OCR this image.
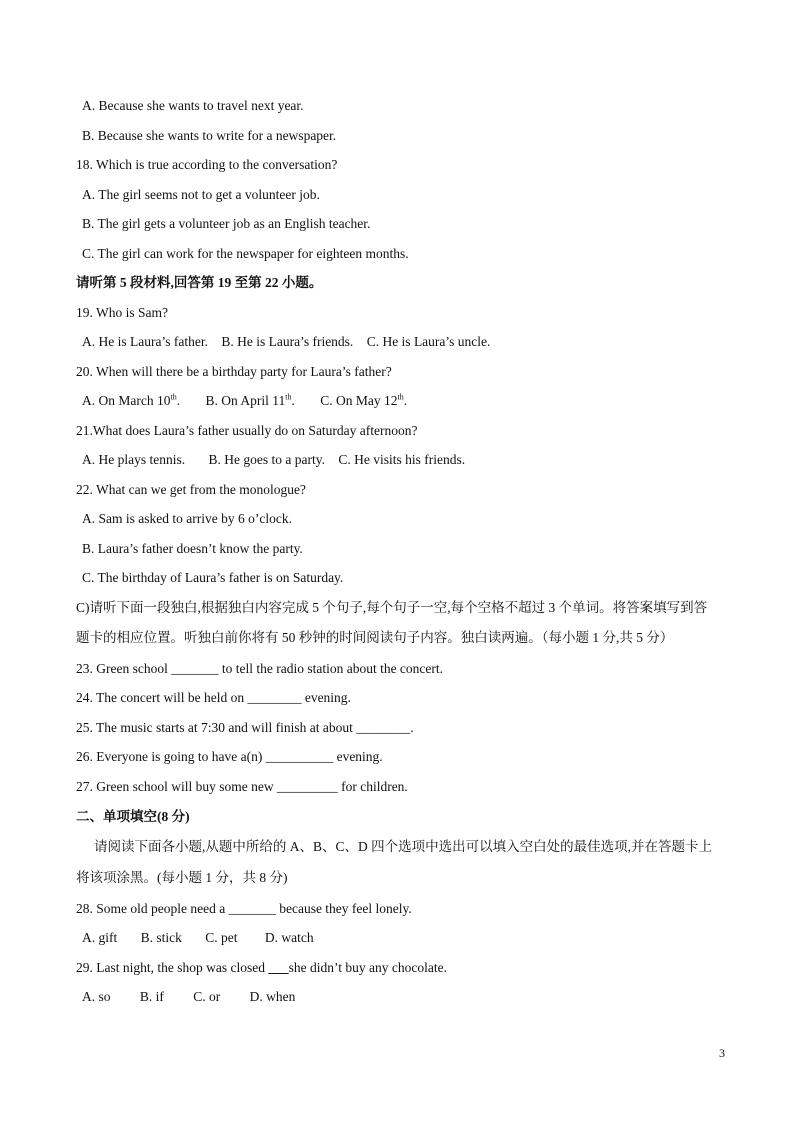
A. Because she wants to travel next year.
B. Because she wants to write for a newspaper.
18. Which is true according to the conversation?
A. The girl seems not to get a volunteer job.
B. The girl gets a volunteer job as an English teacher.
C. The girl can work for the newspaper for eighteen months.
请听第 5 段材料,回答第 19 至第 22 小题。
19. Who is Sam?
A. He is Laura’s father. B. He is Laura’s friends. C. He is Laura’s uncle.
20. When will there be a birthday party for Laura’s father?
A. On March 10th. B. On April 11th. C. On May 12th.
21.What does Laura’s father usually do on Saturday afternoon?
A. He plays tennis. B. He goes to a party. C. He visits his friends.
22. What can we get from the monologue?
A. Sam is asked to arrive by 6 o’clock.
B. Laura’s father doesn’t know the party.
C. The birthday of Laura’s father is on Saturday.
C)请听下面一段独白,根据独白内容完成 5 个句子,每个句子一空,每个空格不超过 3 个单词。将答案填写到答
题卡的相应位置。听独白前你将有 50 秒钟的时间阅读句子内容。独白读两遍。（每小题 1 分,共 5 分）
23. Green school _______ to tell the radio station about the concert.
24. The concert will be held on ________ evening.
25. The music starts at 7:30 and will finish at about ________.
26. Everyone is going to have a(n) __________ evening.
27. Green school will buy some new _________ for children.
二、单项填空(8 分)
请阅读下面各小题,从题中所给的 A、B、C、D 四个选项中选出可以填入空白处的最佳选项,并在答题卡上
将该项涂黑。(每小题 1 分，共 8 分)
28. Some old people need a _______ because they feel lonely.
A. gift B. stick C. pet D. watch
29. Last night, the shop was closed ___she didn’t buy any chocolate.
A. so B. if C. or D. when
3
